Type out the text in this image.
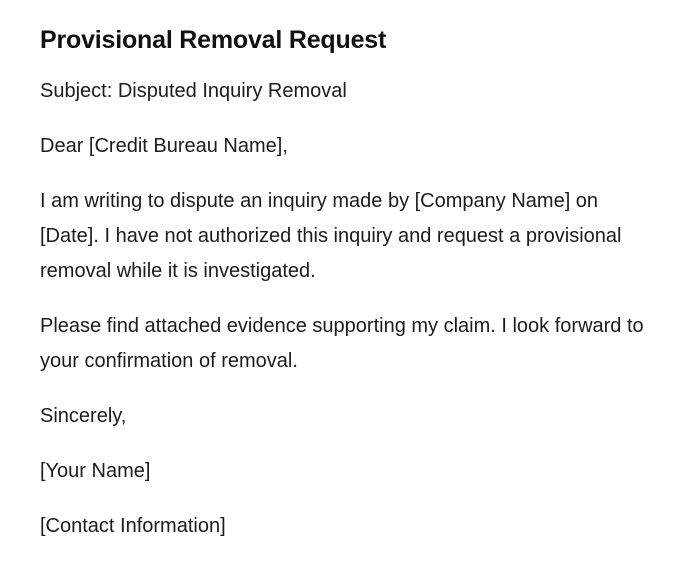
Provisional Removal Request

Subject: Disputed Inquiry Removal

Dear [Credit Bureau Name],

I am writing to dispute an inquiry made by [Company Name] on [Date]. I have not authorized this inquiry and request a provisional removal while it is investigated.

Please find attached evidence supporting my claim. I look forward to your confirmation of removal.

Sincerely,

[Your Name]

[Contact Information]
